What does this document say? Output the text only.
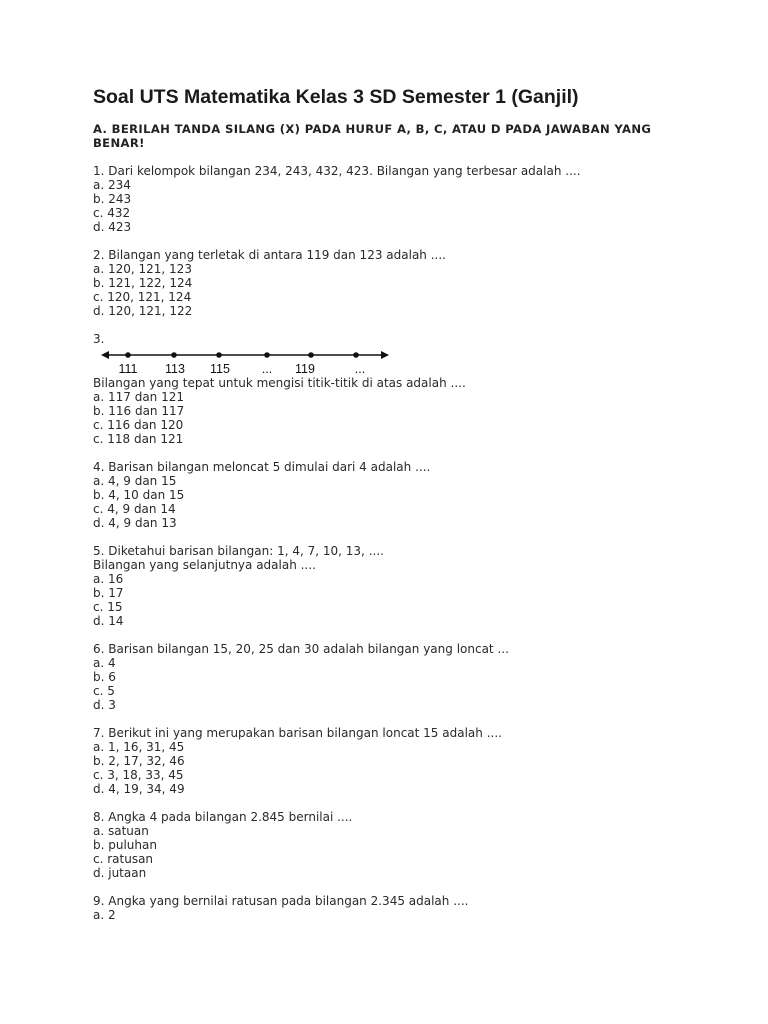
Soal UTS Matematika Kelas 3 SD Semester 1 (Ganjil)

A. BERILAH TANDA SILANG (X) PADA HURUF A, B, C, ATAU D PADA JAWABAN YANG BENAR!

1. Dari kelompok bilangan 234, 243, 432, 423. Bilangan yang terbesar adalah ....
a. 234
b. 243
c. 432
d. 423
2. Bilangan yang terletak di antara 119 dan 123 adalah ....
a. 120, 121, 123
b. 121, 122, 124
c. 120, 121, 124
d. 120, 121, 122
3.
111 113 115	... 119	...
Bilangan yang tepat untuk mengisi titik-titik di atas adalah ....
a. 117 dan 121
b. 116 dan 117
c. 116 dan 120
c. 118 dan 121
4. Barisan bilangan meloncat 5 dimulai dari 4 adalah ....
a. 4, 9 dan 15
b. 4, 10 dan 15
c. 4, 9 dan 14
d. 4, 9 dan 13
5. Diketahui barisan bilangan: 1, 4, 7, 10, 13, ....
Bilangan yang selanjutnya adalah ....
a. 16
b. 17
c. 15
d. 14
6. Barisan bilangan 15, 20, 25 dan 30 adalah bilangan yang loncat ...
a. 4
b. 6
c. 5
d. 3
7. Berikut ini yang merupakan barisan bilangan loncat 15 adalah ....
a. 1, 16, 31, 45
b. 2, 17, 32, 46
c. 3, 18, 33, 45
d. 4, 19, 34, 49
8. Angka 4 pada bilangan 2.845 bernilai ....
a. satuan
b. puluhan
c. ratusan
d. jutaan
9. Angka yang bernilai ratusan pada bilangan 2.345 adalah ....
a. 2
